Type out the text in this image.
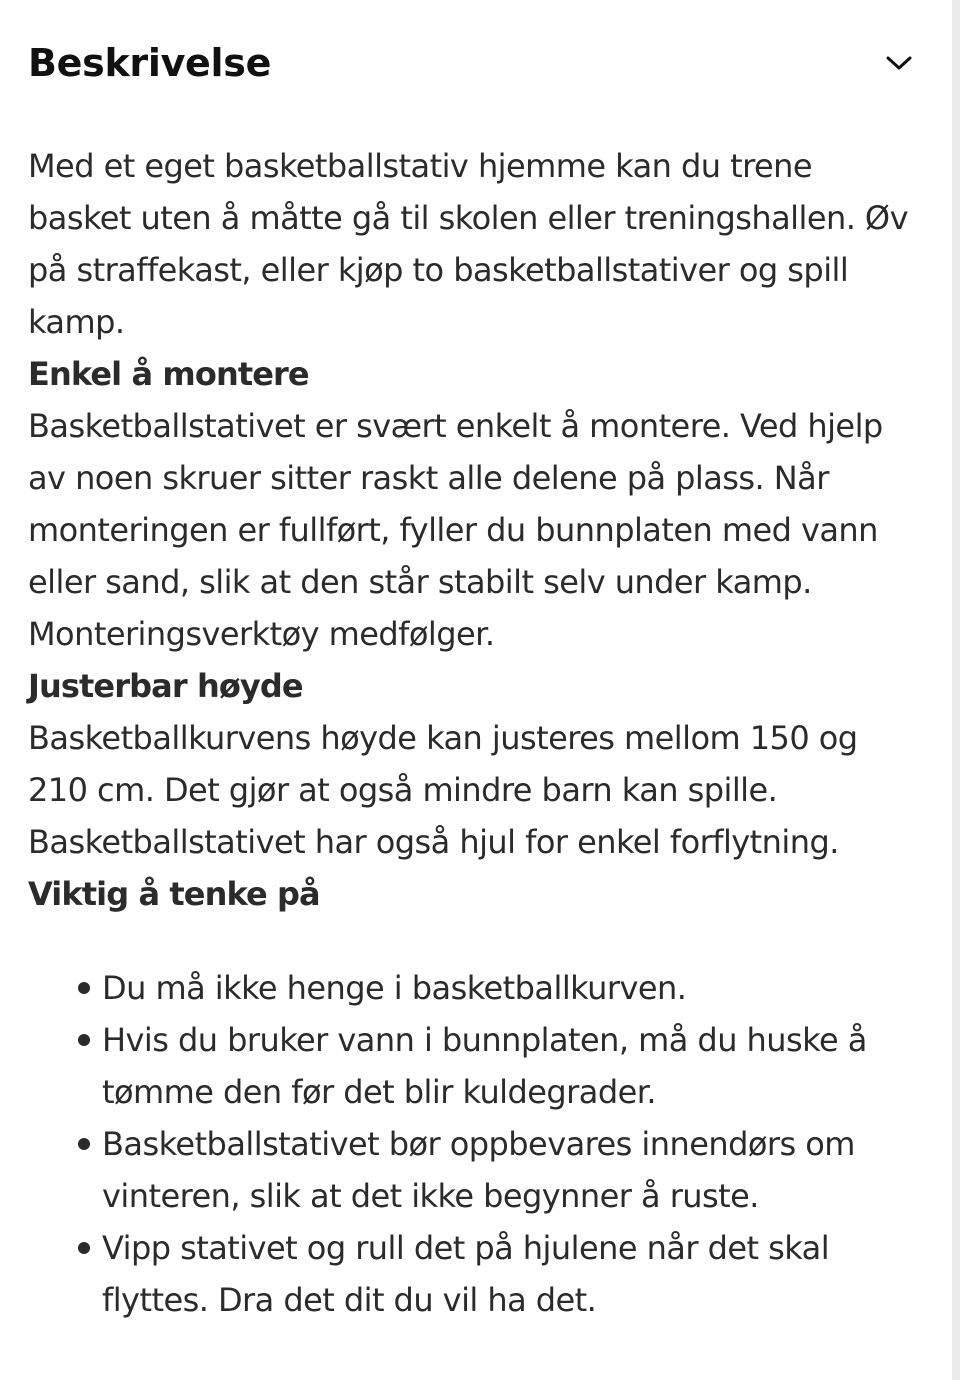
Beskrivelse

Med et eget basketballstativ hjemme kan du trene basket uten å måtte gå til skolen eller treningshallen. Øv på straffekast, eller kjøp to basketballstativer og spill kamp.

Enkel å montere

Basketballstativet er svært enkelt å montere. Ved hjelp av noen skruer sitter raskt alle delene på plass. Når monteringen er fullført, fyller du bunnplaten med vann eller sand, slik at den står stabilt selv under kamp. Monteringsverktøy medfølger.

Justerbar høyde

Basketballkurvens høyde kan justeres mellom 150 og 210 cm. Det gjør at også mindre barn kan spille. Basketballstativet har også hjul for enkel forflytning.

Viktig å tenke på
Du må ikke henge i basketballkurven.
Hvis du bruker vann i bunnplaten, må du huske å tømme den før det blir kuldegrader.
Basketballstativet bør oppbevares innendørs om vinteren, slik at det ikke begynner å ruste.
Vipp stativet og rull det på hjulene når det skal flyttes. Dra det dit du vil ha det.
